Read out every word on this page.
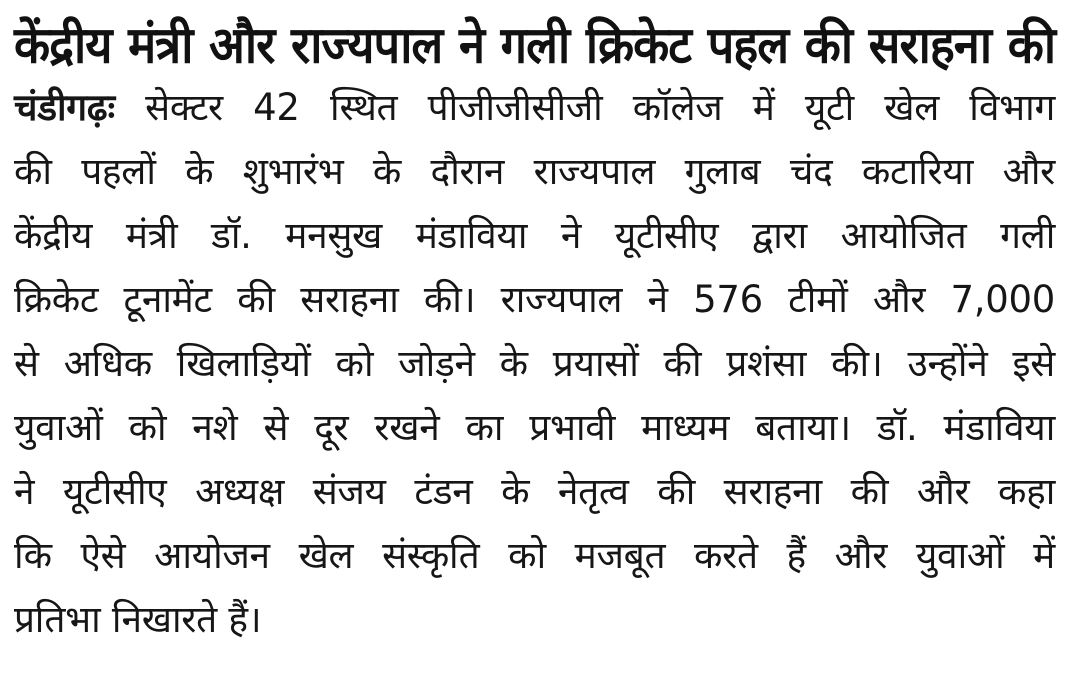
केंद्रीय मंत्री और राज्यपाल ने गली क्रिकेट पहल की सराहना की
चंडीगढ़ः सेक्टर 42 स्थित पीजीजीसीजी कॉलेज में यूटी खेल विभाग
की पहलों के शुभारंभ के दौरान राज्यपाल गुलाब चंद कटारिया और
केंद्रीय मंत्री डॉ. मनसुख मंडाविया ने यूटीसीए द्वारा आयोजित गली
क्रिकेट टूनामेंट की सराहना की। राज्यपाल ने 576 टीमों और 7,000
से अधिक खिलाड़ियों को जोड़ने के प्रयासों की प्रशंसा की। उन्होंने इसे
युवाओं को नशे से दूर रखने का प्रभावी माध्यम बताया। डॉ. मंडाविया
ने यूटीसीए अध्यक्ष संजय टंडन के नेतृत्व की सराहना की और कहा
कि ऐसे आयोजन खेल संस्कृति को मजबूत करते हैं और युवाओं में
प्रतिभा निखारते हैं।
